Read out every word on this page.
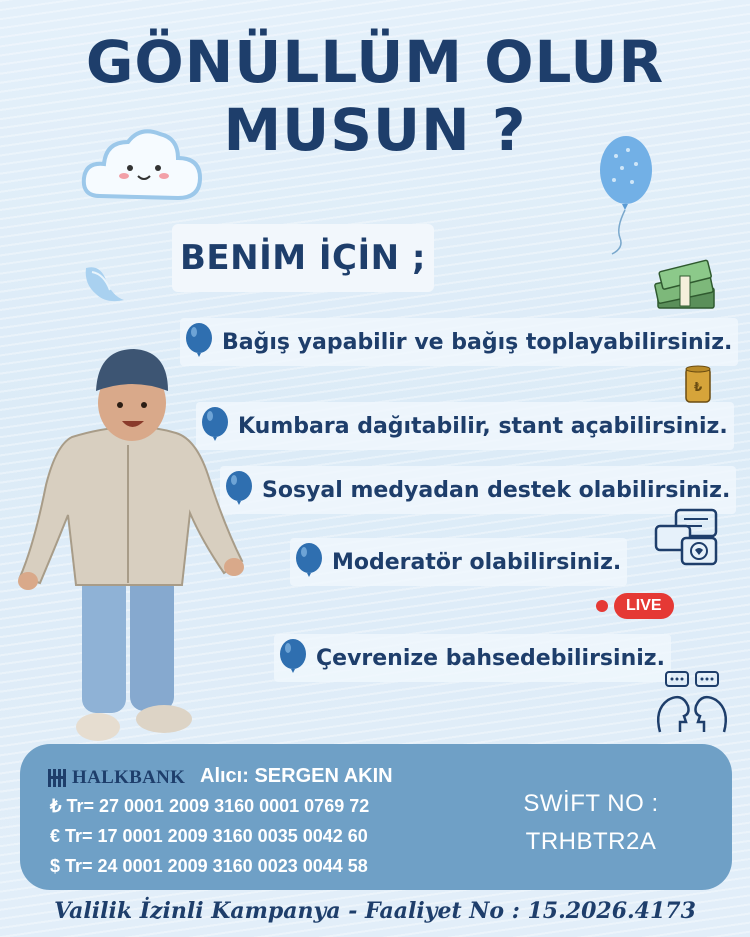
GÖNÜLLÜM OLUR
MUSUN ?
BENİM İÇİN ;
Bağış yapabilir ve bağış toplayabilirsiniz.
Kumbara dağıtabilir, stant açabilirsiniz.
Sosyal medyadan destek olabilirsiniz.
Moderatör olabilirsiniz.
Çevrenize bahsedebilirsiniz.
₺
LIVE
HALKBANK Alıcı: SERGEN AKIN
₺ Tr= 27 0001 2009 3160 0001 0769 72
€ Tr= 17 0001 2009 3160 0035 0042 60
$ Tr= 24 0001 2009 3160 0023 0044 58
SWİFT NO :
TRHBTR2A
Valilik İzinli Kampanya - Faaliyet No : 15.2026.4173
